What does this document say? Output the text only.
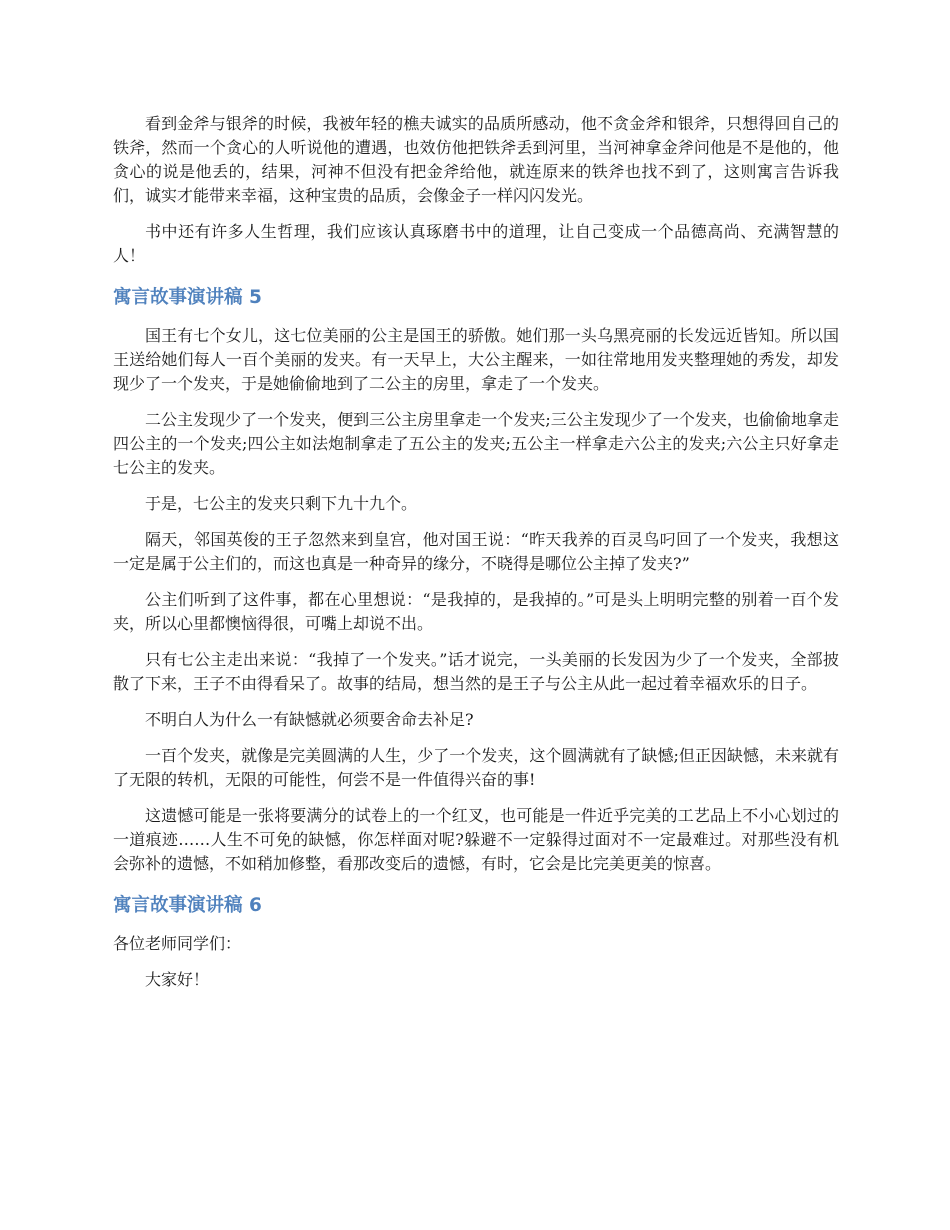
看到金斧与银斧的时候，我被年轻的樵夫诚实的品质所感动，他不贪金斧和银斧，只想得回自己的铁斧，然而一个贪心的人听说他的遭遇，也效仿他把铁斧丢到河里，当河神拿金斧问他是不是他的，他贪心的说是他丢的，结果，河神不但没有把金斧给他，就连原来的铁斧也找不到了，这则寓言告诉我们，诚实才能带来幸福，这种宝贵的品质，会像金子一样闪闪发光。

书中还有许多人生哲理，我们应该认真琢磨书中的道理，让自己变成一个品德高尚、充满智慧的人！

寓言故事演讲稿 5

国王有七个女儿，这七位美丽的公主是国王的骄傲。她们那一头乌黑亮丽的长发远近皆知。所以国王送给她们每人一百个美丽的发夹。有一天早上，大公主醒来，一如往常地用发夹整理她的秀发，却发现少了一个发夹，于是她偷偷地到了二公主的房里，拿走了一个发夹。

二公主发现少了一个发夹，便到三公主房里拿走一个发夹;三公主发现少了一个发夹，也偷偷地拿走四公主的一个发夹;四公主如法炮制拿走了五公主的发夹;五公主一样拿走六公主的发夹;六公主只好拿走七公主的发夹。

于是，七公主的发夹只剩下九十九个。

隔天，邻国英俊的王子忽然来到皇宫，他对国王说：“昨天我养的百灵鸟叼回了一个发夹，我想这一定是属于公主们的，而这也真是一种奇异的缘分，不晓得是哪位公主掉了发夹?”

公主们听到了这件事，都在心里想说：“是我掉的，是我掉的。”可是头上明明完整的别着一百个发夹，所以心里都懊恼得很，可嘴上却说不出。

只有七公主走出来说：“我掉了一个发夹。”话才说完，一头美丽的长发因为少了一个发夹，全部披散了下来，王子不由得看呆了。故事的结局，想当然的是王子与公主从此一起过着幸福欢乐的日子。

不明白人为什么一有缺憾就必须要舍命去补足?

一百个发夹，就像是完美圆满的人生，少了一个发夹，这个圆满就有了缺憾;但正因缺憾，未来就有了无限的转机，无限的可能性，何尝不是一件值得兴奋的事!

这遗憾可能是一张将要满分的试卷上的一个红叉，也可能是一件近乎完美的工艺品上不小心划过的一道痕迹……人生不可免的缺憾，你怎样面对呢?躲避不一定躲得过面对不一定最难过。对那些没有机会弥补的遗憾，不如稍加修整，看那改变后的遗憾，有时，它会是比完美更美的惊喜。

寓言故事演讲稿 6

各位老师同学们：

大家好！
